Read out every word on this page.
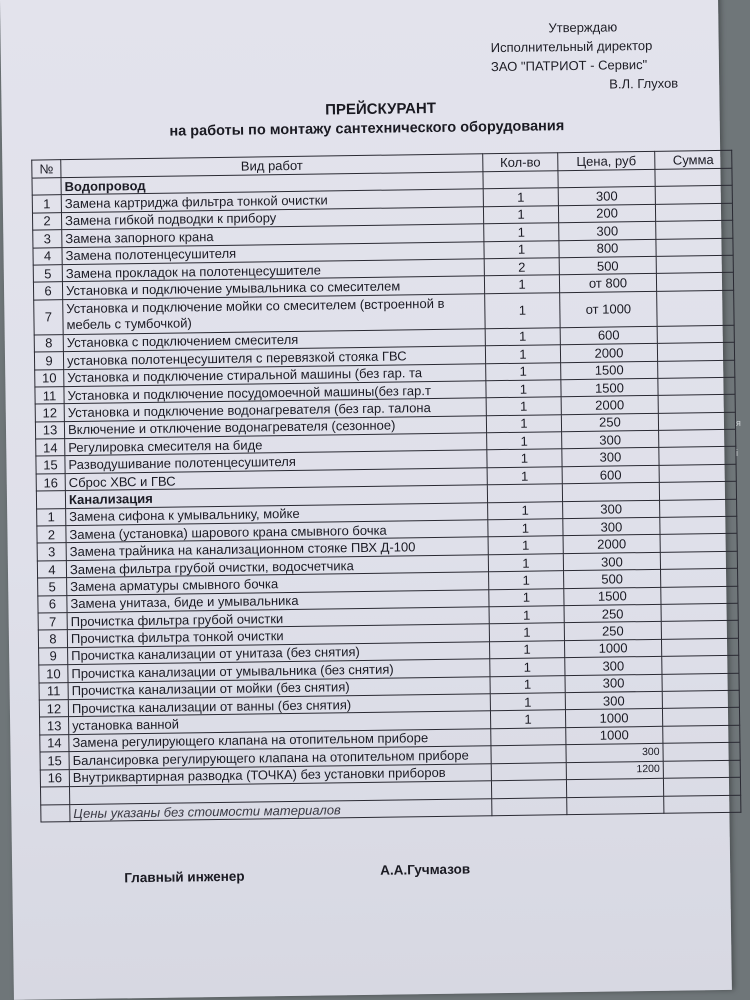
Утверждаю
Исполнительный директор
ЗАО "ПАТРИОТ - Сервис"
В.Л. Глухов
ПРЕЙСКУРАНТ
на работы по монтажу сантехнического оборудования
№	Вид работ	Кол-во	Цена, руб	Сумма
	Водопровод			
1	Замена картриджа фильтра тонкой очистки	1	300	
2	Замена гибкой подводки к прибору	1	200	
3	Замена запорного крана	1	300	
4	Замена полотенцесушителя	1	800	
5	Замена прокладок на полотенцесушителе	2	500	
6	Установка и подключение умывальника со смесителем	1	от 800	
7	Установка и подключение мойки со смесителем (встроенной в мебель с тумбочкой)	1	от 1000	
8	Установка с подключением смесителя	1	600	
9	установка полотенцесушителя с перевязкой стояка ГВС	1	2000	
10	Установка и подключение стиральной машины (без гар. та	1	1500	
11	Установка и подключение посудомоечной машины(без гар.т	1	1500	
12	Установка и подключение водонагревателя (без гар. талона	1	2000	
13	Включение и отключение водонагревателя (сезонное)	1	250	
14	Регулировка смесителя на биде	1	300	
15	Разводушивание полотенцесушителя	1	300	
16	Сброс ХВС и ГВС	1	600	
	Канализация			
1	Замена сифона к умывальнику, мойке	1	300	
2	Замена (установка) шарового крана смывного бочка	1	300	
3	Замена трайника на канализационном стояке ПВХ Д-100	1	2000	
4	Замена фильтра грубой очистки, водосчетчика	1	300	
5	Замена арматуры смывного бочка	1	500	
6	Замена унитаза, биде и умывальника	1	1500	
7	Прочистка фильтра грубой очистки	1	250	
8	Прочистка фильтра тонкой очистки	1	250	
9	Прочистка канализации от унитаза (без снятия)	1	1000	
10	Прочистка канализации от умывальника (без снятия)	1	300	
11	Прочистка канализации от мойки (без снятия)	1	300	
12	Прочистка канализации от ванны (без снятия)	1	300	
13	установка ванной	1	1000	
14	Замена регулирующего клапана на отопительном приборе		1000	
15	Балансировка регулирующего клапана на отопительном приборе		300	
16	Внутриквартирная разводка (ТОЧКА) без установки приборов		1200	

	Цены указаны без стоимости материалов			
Главный инженер	А.А.Гучмазов
я
і
